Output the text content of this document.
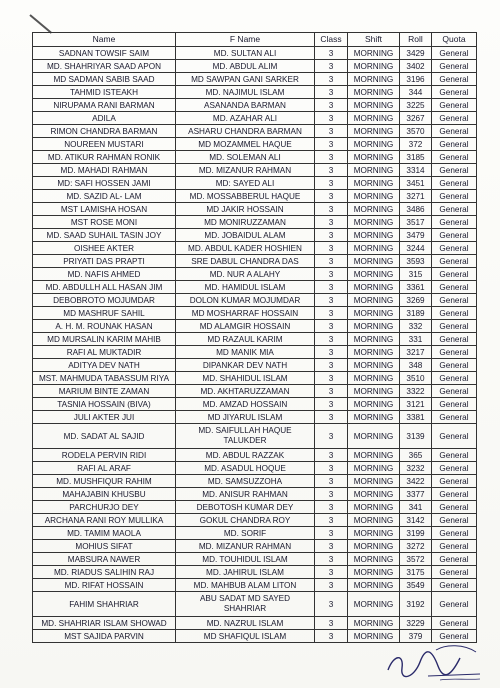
Name	F Name	Class	Shift	Roll	Quota
SADNAN TOWSIF SAIM	MD. SULTAN ALI	3	MORNING	3429	General
MD. SHAHRIYAR SAAD APON	MD. ABDUL ALIM	3	MORNING	3402	General
MD SADMAN SABIB SAAD	MD SAWPAN GANI SARKER	3	MORNING	3196	General
TAHMID ISTEAKH	MD. NAJIMUL ISLAM	3	MORNING	344	General
NIRUPAMA RANI BARMAN	ASANANDA BARMAN	3	MORNING	3225	General
ADILA	MD. AZAHAR ALI	3	MORNING	3267	General
RIMON CHANDRA BARMAN	ASHARU CHANDRA BARMAN	3	MORNING	3570	General
NOUREEN MUSTARI	MD MOZAMMEL HAQUE	3	MORNING	372	General
MD. ATIKUR RAHMAN RONIK	MD. SOLEMAN ALI	3	MORNING	3185	General
MD. MAHADI RAHMAN	MD. MIZANUR RAHMAN	3	MORNING	3314	General
MD: SAFI HOSSEN JAMI	MD: SAYED ALI	3	MORNING	3451	General
MD. SAZID AL- LAM	MD. MOSSABBERUL HAQUE	3	MORNING	3271	General
MST LAMISHA HOSAN	MD JAKIR HOSSAIN	3	MORNING	3486	General
MST ROSE MONI	MD MONIRUZZAMAN	3	MORNING	3517	General
MD. SAAD SUHAIL TASIN JOY	MD. JOBAIDUL ALAM	3	MORNING	3479	General
OISHEE AKTER	MD. ABDUL KADER HOSHIEN	3	MORNING	3244	General
PRIYATI DAS PRAPTI	SRE DABUL CHANDRA DAS	3	MORNING	3593	General
MD. NAFIS AHMED	MD. NUR A ALAHY	3	MORNING	315	General
MD. ABDULLH ALL HASAN JIM	MD. HAMIDUL ISLAM	3	MORNING	3361	General
DEBOBROTO MOJUMDAR	DOLON KUMAR MOJUMDAR	3	MORNING	3269	General
MD MASHRUF SAHIL	MD MOSHARRAF HOSSAIN	3	MORNING	3189	General
A. H. M. ROUNAK HASAN	MD ALAMGIR HOSSAIN	3	MORNING	332	General
MD MURSALIN KARIM MAHIB	MD RAZAUL KARIM	3	MORNING	331	General
RAFI AL MUKTADIR	MD MANIK MIA	3	MORNING	3217	General
ADITYA DEV NATH	DIPANKAR DEV NATH	3	MORNING	348	General
MST. MAHMUDA TABASSUM RIYA	MD. SHAHIDUL ISLAM	3	MORNING	3510	General
MARIUM BINTE ZAMAN	MD. AKHTARUZZAMAN	3	MORNING	3322	General
TASNIA HOSSAIN (BIVA)	MD. AMZAD HOSSAIN	3	MORNING	3121	General
JULI AKTER JUI	MD JIYARUL ISLAM	3	MORNING	3381	General
MD. SADAT AL SAJID	MD. SAIFULLAH HAQUE TALUKDER	3	MORNING	3139	General
RODELA PERVIN RIDI	MD. ABDUL RAZZAK	3	MORNING	365	General
RAFI AL ARAF	MD. ASADUL HOQUE	3	MORNING	3232	General
MD. MUSHFIQUR RAHIM	MD. SAMSUZZOHA	3	MORNING	3422	General
MAHAJABIN KHUSBU	MD. ANISUR RAHMAN	3	MORNING	3377	General
PARCHURJO DEY	DEBOTOSH KUMAR DEY	3	MORNING	341	General
ARCHANA RANI ROY MULLIKA	GOKUL CHANDRA ROY	3	MORNING	3142	General
MD. TAMIM MAOLA	MD. SORIF	3	MORNING	3199	General
MOHIUS SIFAT	MD. MIZANUR RAHMAN	3	MORNING	3272	General
MABSURA NAWER	MD. TOUHIDUL ISLAM	3	MORNING	3572	General
MD. RIADUS SALIHIN RAJ	MD. JAHIRUL ISLAM	3	MORNING	3175	General
MD. RIFAT HOSSAIN	MD. MAHBUB ALAM LITON	3	MORNING	3549	General
FAHIM SHAHRIAR	ABU SADAT MD SAYED SHAHRIAR	3	MORNING	3192	General
MD. SHAHRIAR ISLAM SHOWAD	MD. NAZRUL ISLAM	3	MORNING	3229	General
MST SAJIDA PARVIN	MD SHAFIQUL ISLAM	3	MORNING	379	General
